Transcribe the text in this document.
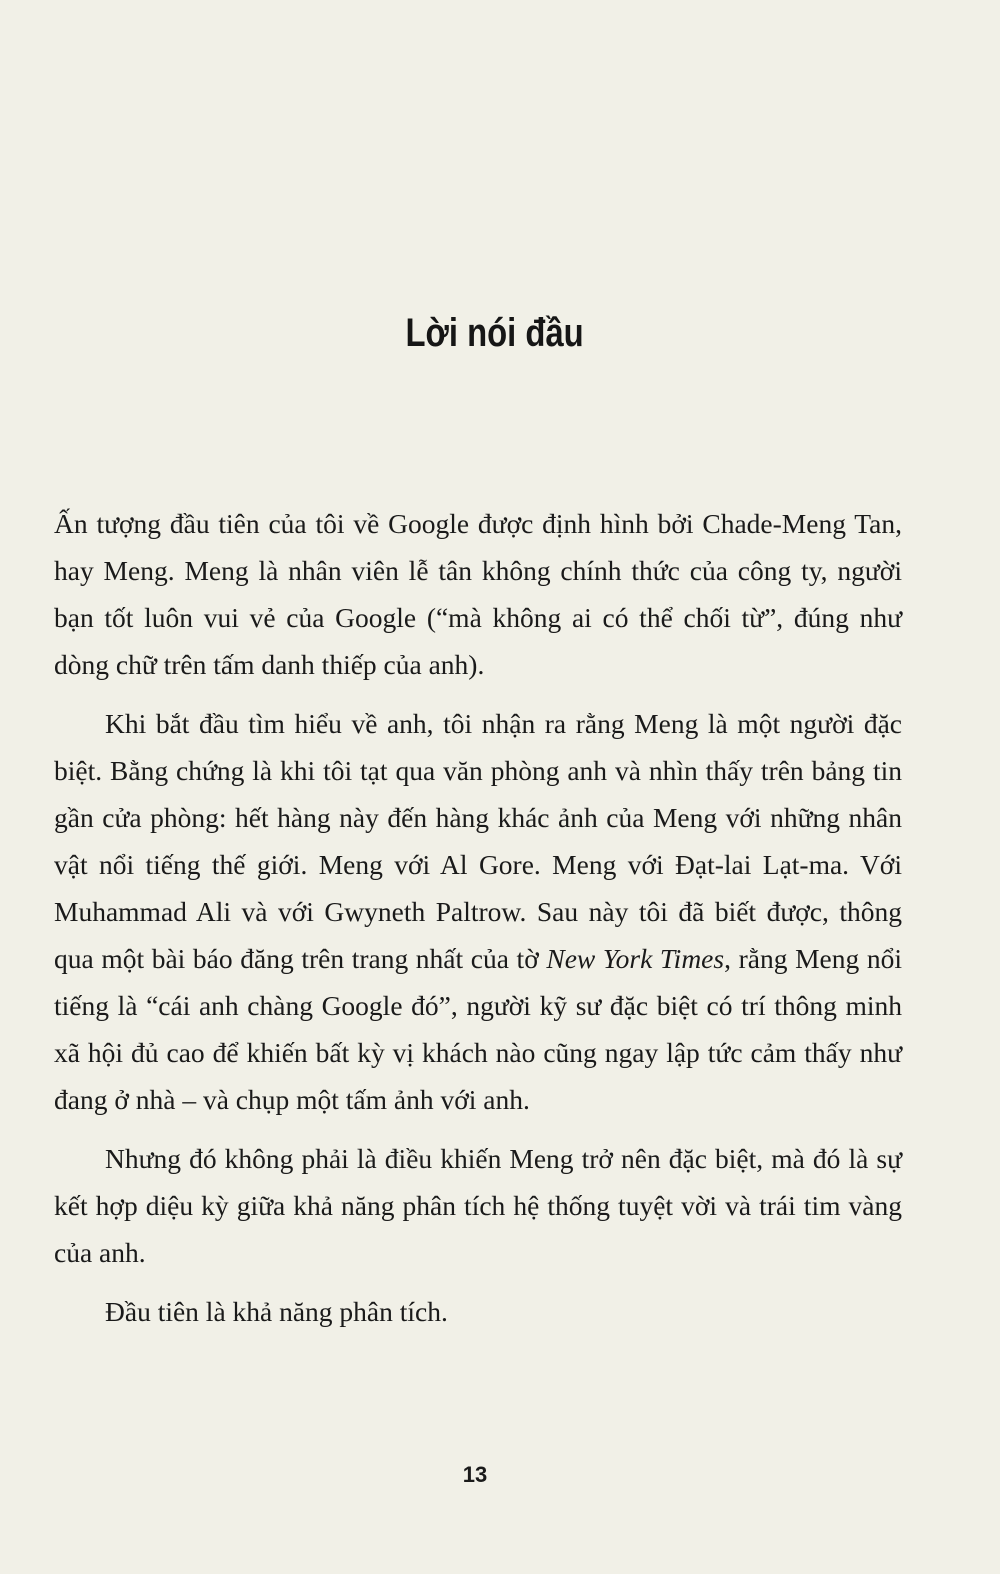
Lời nói đầu

Ấn tượng đầu tiên của tôi về Google được định hình bởi Chade-Meng Tan, hay Meng. Meng là nhân viên lễ tân không chính thức của công ty, người bạn tốt luôn vui vẻ của Google (“mà không ai có thể chối từ”, đúng như dòng chữ trên tấm danh thiếp của anh).

Khi bắt đầu tìm hiểu về anh, tôi nhận ra rằng Meng là một người đặc biệt. Bằng chứng là khi tôi tạt qua văn phòng anh và nhìn thấy trên bảng tin gần cửa phòng: hết hàng này đến hàng khác ảnh của Meng với những nhân vật nổi tiếng thế giới. Meng với Al Gore. Meng với Đạt-lai Lạt-ma. Với Muhammad Ali và với Gwyneth Paltrow. Sau này tôi đã biết được, thông qua một bài báo đăng trên trang nhất của tờ New York Times, rằng Meng nổi tiếng là “cái anh chàng Google đó”, người kỹ sư đặc biệt có trí thông minh xã hội đủ cao để khiến bất kỳ vị khách nào cũng ngay lập tức cảm thấy như đang ở nhà – và chụp một tấm ảnh với anh.

Nhưng đó không phải là điều khiến Meng trở nên đặc biệt, mà đó là sự kết hợp diệu kỳ giữa khả năng phân tích hệ thống tuyệt vời và trái tim vàng của anh.

Đầu tiên là khả năng phân tích.

13
